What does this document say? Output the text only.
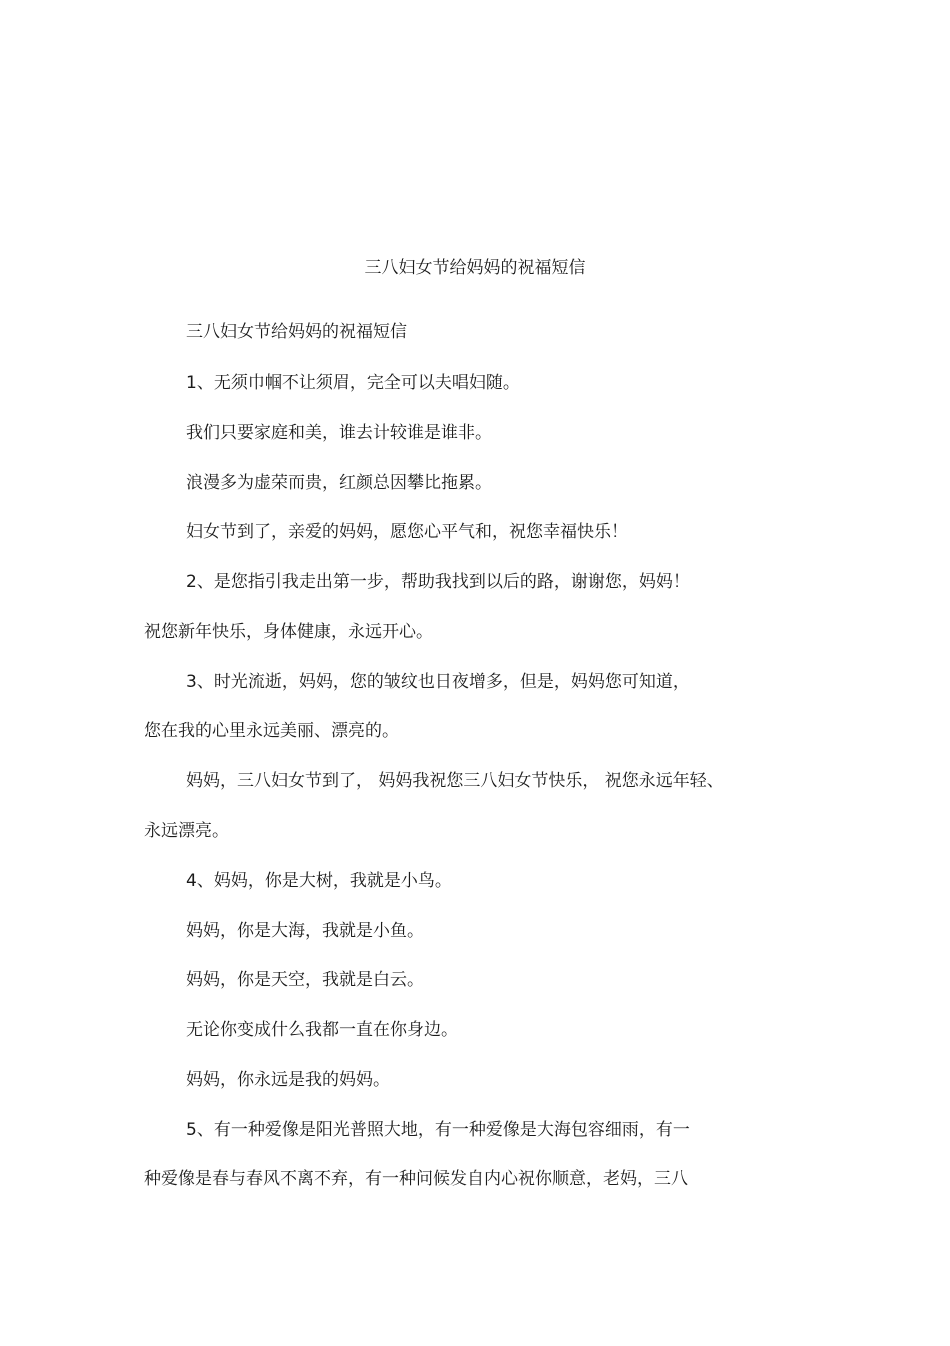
三八妇女节给妈妈的祝福短信
三八妇女节给妈妈的祝福短信
1、无须巾帼不让须眉，完全可以夫唱妇随。
我们只要家庭和美，谁去计较谁是谁非。
浪漫多为虚荣而贵，红颜总因攀比拖累。
妇女节到了，亲爱的妈妈，愿您心平气和，祝您幸福快乐！
2、是您指引我走出第一步，帮助我找到以后的路，谢谢您，妈妈！
祝您新年快乐，身体健康，永远开心。
3、时光流逝，妈妈，您的皱纹也日夜增多，但是，妈妈您可知道，
您在我的心里永远美丽、漂亮的。
妈妈，三八妇女节到了， 妈妈我祝您三八妇女节快乐， 祝您永远年轻、
永远漂亮。
4、妈妈，你是大树，我就是小鸟。
妈妈，你是大海，我就是小鱼。
妈妈，你是天空，我就是白云。
无论你变成什么我都一直在你身边。
妈妈，你永远是我的妈妈。
5、有一种爱像是阳光普照大地，有一种爱像是大海包容细雨，有一
种爱像是春与春风不离不弃，有一种问候发自内心祝你顺意，老妈，三八
